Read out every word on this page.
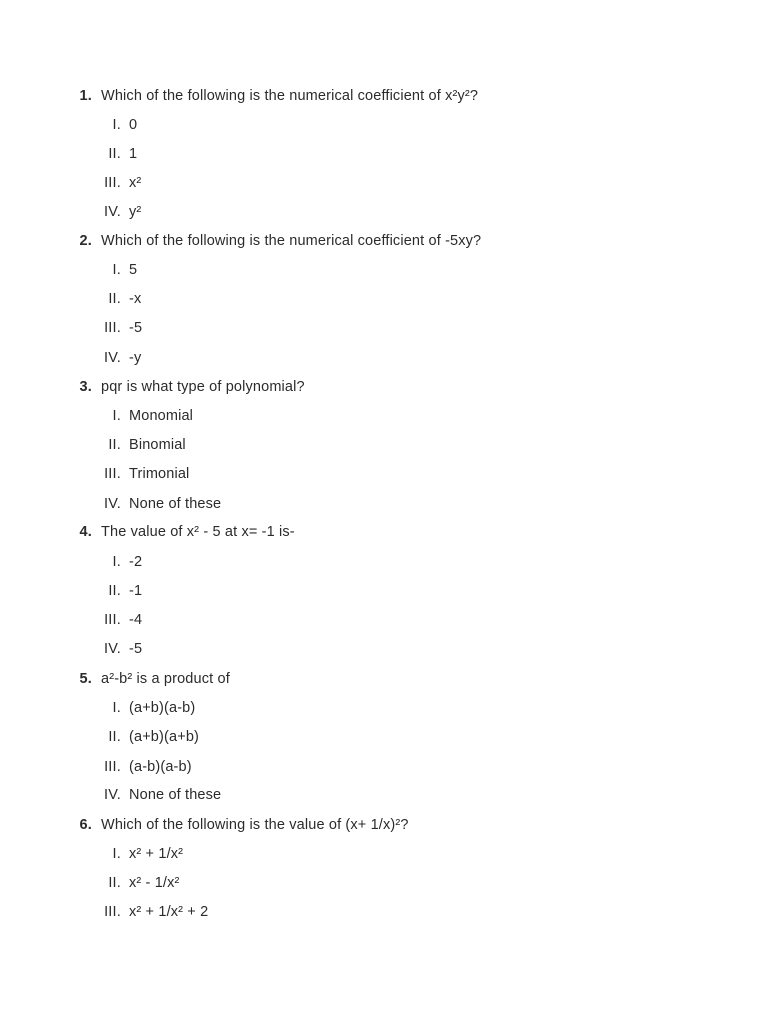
1. Which of the following is the numerical coefficient of x²y²?
I. 0
II. 1
III. x²
IV. y²
2. Which of the following is the numerical coefficient of -5xy?
I. 5
II. -x
III. -5
IV. -y
3. pqr is what type of polynomial?
I. Monomial
II. Binomial
III. Trimonial
IV. None of these
4. The value of x² - 5 at x= -1 is-
I. -2
II. -1
III. -4
IV. -5
5. a²-b² is a product of
I. (a+b)(a-b)
II. (a+b)(a+b)
III. (a-b)(a-b)
IV. None of these
6. Which of the following is the value of (x+ 1/x)²?
I. x² + 1/x²
II. x² - 1/x²
III. x² + 1/x² + 2
